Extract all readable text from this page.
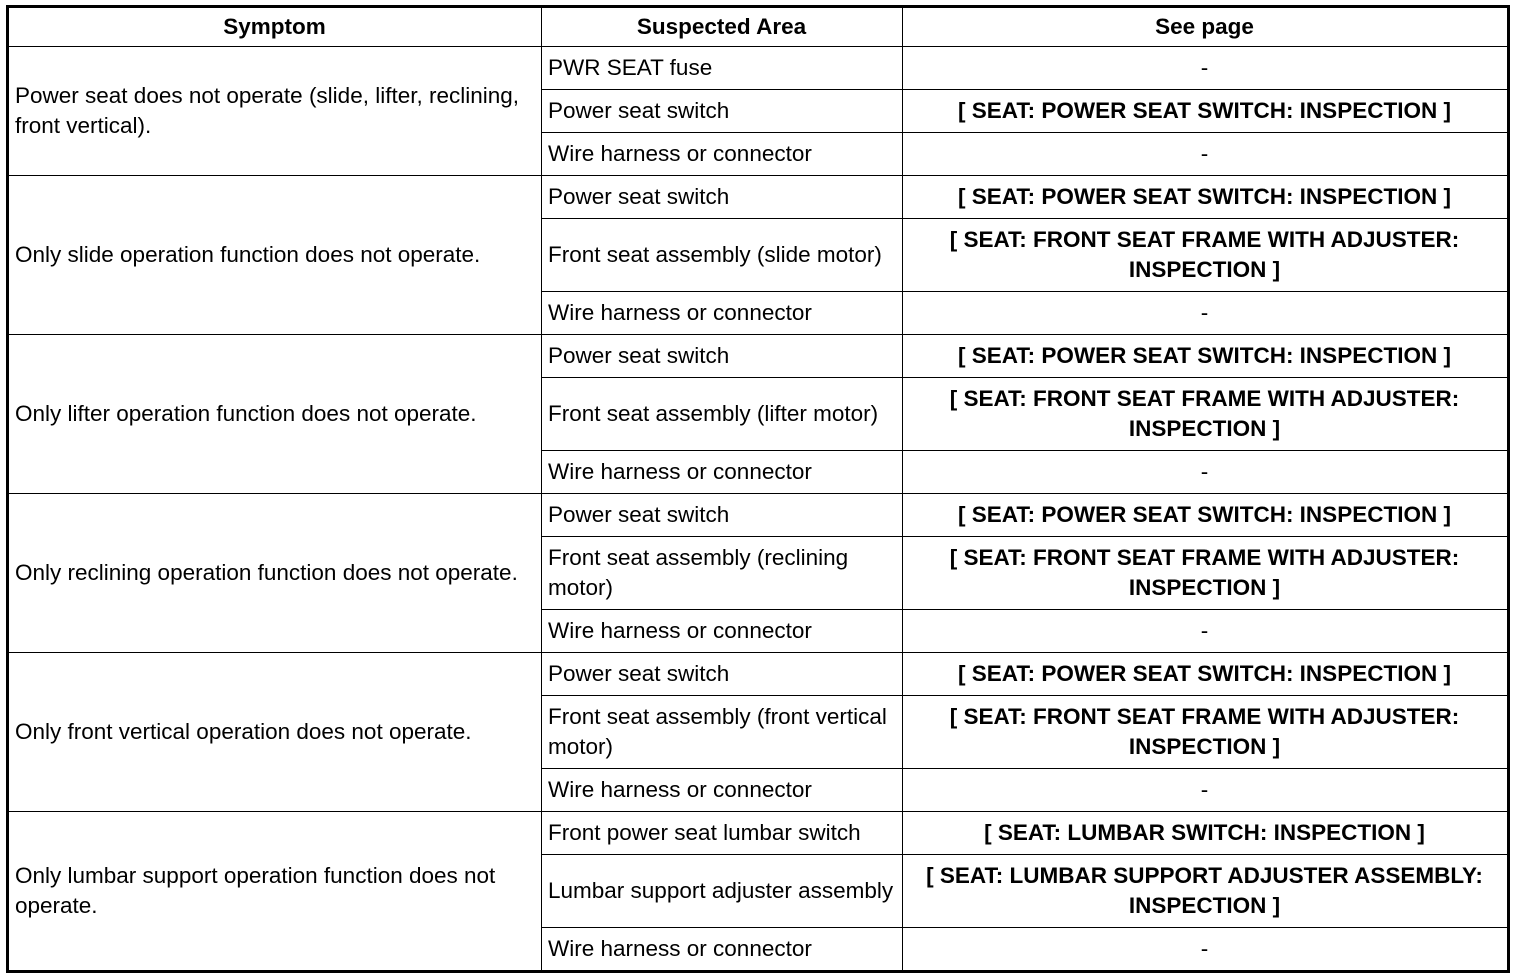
Symptom	Suspected Area	See page
Power seat does not operate (slide, lifter, reclining, front vertical).	PWR SEAT fuse	-
	Power seat switch	[ SEAT: POWER SEAT SWITCH: INSPECTION ]
	Wire harness or connector	-
Only slide operation function does not operate.	Power seat switch	[ SEAT: POWER SEAT SWITCH: INSPECTION ]
	Front seat assembly (slide motor)	[ SEAT: FRONT SEAT FRAME WITH ADJUSTER: INSPECTION ]
	Wire harness or connector	-
Only lifter operation function does not operate.	Power seat switch	[ SEAT: POWER SEAT SWITCH: INSPECTION ]
	Front seat assembly (lifter motor)	[ SEAT: FRONT SEAT FRAME WITH ADJUSTER: INSPECTION ]
	Wire harness or connector	-
Only reclining operation function does not operate.	Power seat switch	[ SEAT: POWER SEAT SWITCH: INSPECTION ]
	Front seat assembly (reclining motor)	[ SEAT: FRONT SEAT FRAME WITH ADJUSTER: INSPECTION ]
	Wire harness or connector	-
Only front vertical operation does not operate.	Power seat switch	[ SEAT: POWER SEAT SWITCH: INSPECTION ]
	Front seat assembly (front vertical motor)	[ SEAT: FRONT SEAT FRAME WITH ADJUSTER: INSPECTION ]
	Wire harness or connector	-
Only lumbar support operation function does not operate.	Front power seat lumbar switch	[ SEAT: LUMBAR SWITCH: INSPECTION ]
	Lumbar support adjuster assembly	[ SEAT: LUMBAR SUPPORT ADJUSTER ASSEMBLY: INSPECTION ]
	Wire harness or connector	-
